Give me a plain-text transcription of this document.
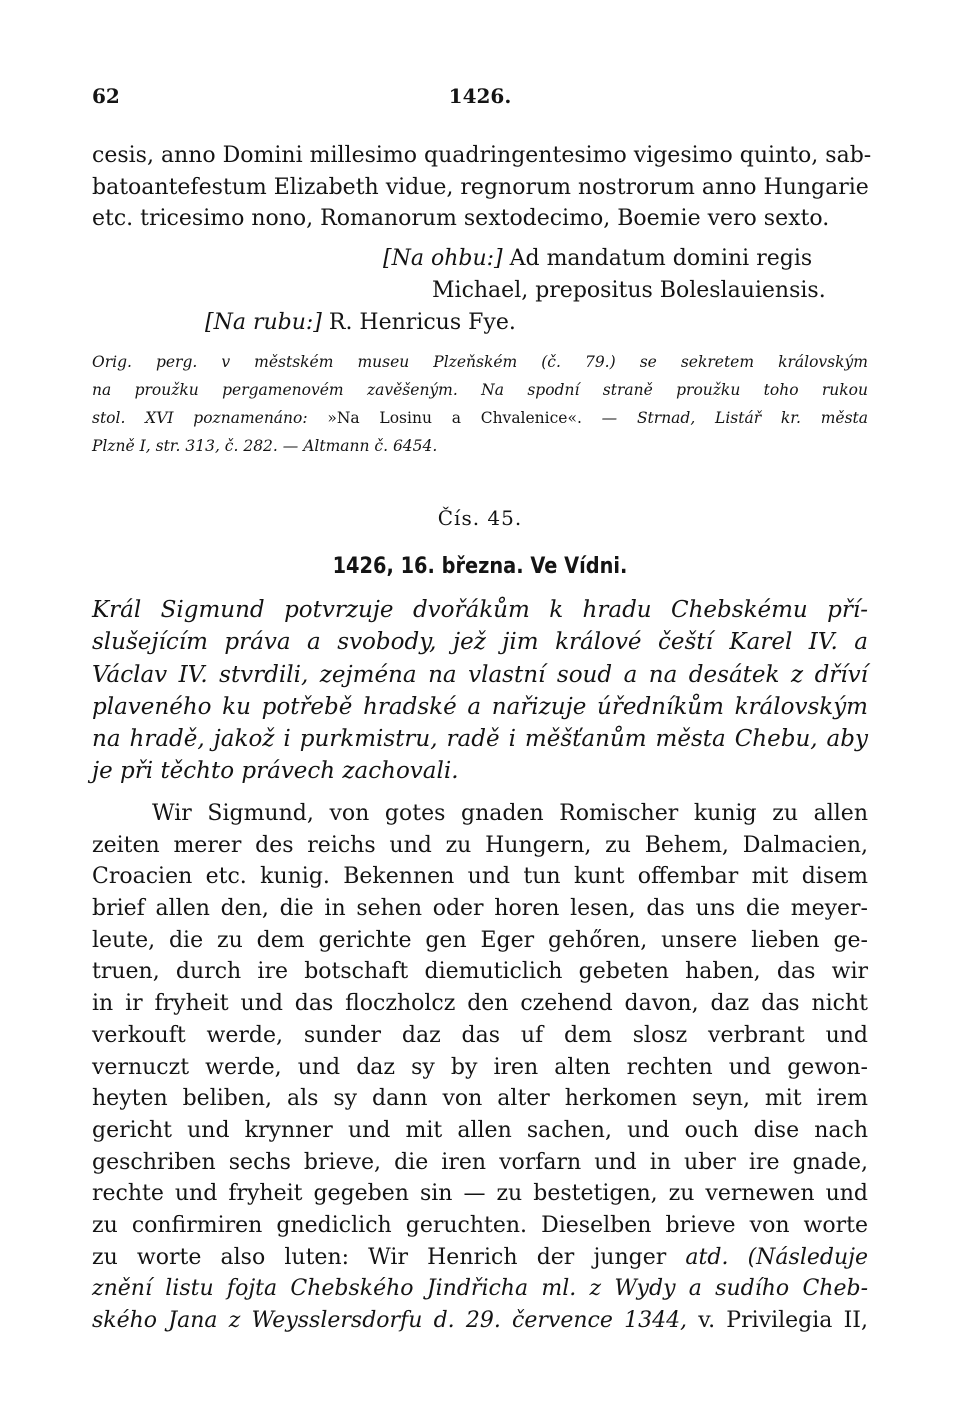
62	1426.
cesis, anno Domini millesimo quadringentesimo vigesimo quinto, sab-
batoantefestum Elizabeth vidue, regnorum nostrorum anno Hungarie
etc. tricesimo nono, Romanorum sextodecimo, Boemie vero sexto.
[Na ohbu:] Ad mandatum domini regis
Michael, prepositus Boleslauiensis.
[Na rubu:] R. Henricus Fye.
Orig. perg. v městském museu Plzeňském (č. 79.) se sekretem královským
na proužku pergamenovém zavěšeným. Na spodní straně proužku toho rukou
stol. XVI poznamenáno: »Na Losinu a Chvalenice«. — Strnad, Listář kr. města
Plzně I, str. 313, č. 282. — Altmann č. 6454.
Čís. 45.
1426, 16. března. Ve Vídni.
Král Sigmund potvrzuje dvořákům k hradu Chebskému pří-
slušejícím práva a svobody, jež jim králové čeští Karel IV. a
Václav IV. stvrdili, zejména na vlastní soud a na desátek z dříví
plaveného ku potřebě hradské a nařizuje úředníkům královským
na hradě, jakož i purkmistru, radě i měšťanům města Chebu, aby
je při těchto právech zachovali.
Wir Sigmund, von gotes gnaden Romischer kunig zu allen
zeiten merer des reichs und zu Hungern, zu Behem, Dalmacien,
Croacien etc. kunig. Bekennen und tun kunt offembar mit disem
brief allen den, die in sehen oder horen lesen, das uns die meyer-
leute, die zu dem gerichte gen Eger gehőren, unsere lieben ge-
truen, durch ire botschaft diemuticlich gebeten haben, das wir
in ir fryheit und das floczholcz den czehend davon, daz das nicht
verkouft werde, sunder daz das uf dem slosz verbrant und
vernuczt werde, und daz sy by iren alten rechten und gewon-
heyten beliben, als sy dann von alter herkomen seyn, mit irem
gericht und krynner und mit allen sachen, und ouch dise nach
geschriben sechs brieve, die iren vorfarn und in uber ire gnade,
rechte und fryheit gegeben sin — zu bestetigen, zu vernewen und
zu confirmiren gnediclich geruchten. Dieselben brieve von worte
zu worte also luten: Wir Henrich der junger atd. (Následuje
znění listu fojta Chebského Jindřicha ml. z Wydy a sudího Cheb-
ského Jana z Weysslersdorfu d. 29. července 1344, v. Privilegia II,
